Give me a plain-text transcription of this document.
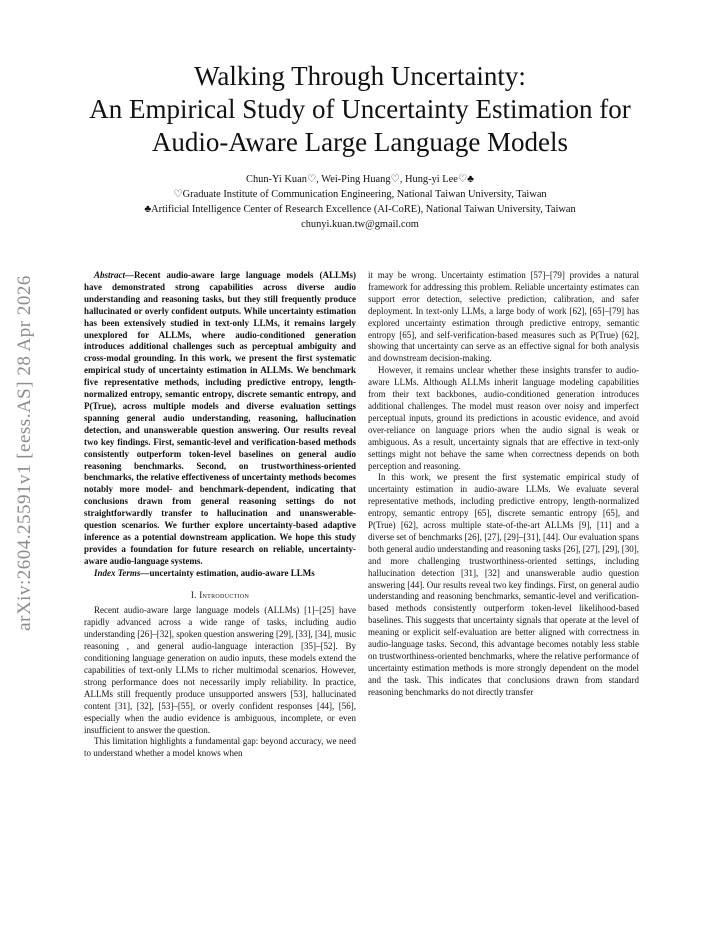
Walking Through Uncertainty:
An Empirical Study of Uncertainty Estimation for
Audio-Aware Large Language Models
Chun-Yi Kuan♡, Wei-Ping Huang♡, Hung-yi Lee♡♣
♡Graduate Institute of Communication Engineering, National Taiwan University, Taiwan
♣Artificial Intelligence Center of Research Excellence (AI-CoRE), National Taiwan University, Taiwan
chunyi.kuan.tw@gmail.com
arXiv:2604.25591v1 [eess.AS] 28 Apr 2026

Abstract—Recent audio-aware large language models (ALLMs) have demonstrated strong capabilities across diverse audio understanding and reasoning tasks, but they still frequently produce hallucinated or overly confident outputs. While uncertainty estimation has been extensively studied in text-only LLMs, it remains largely unexplored for ALLMs, where audio-conditioned generation introduces additional challenges such as perceptual ambiguity and cross-modal grounding. In this work, we present the first systematic empirical study of uncertainty estimation in ALLMs. We benchmark five representative methods, including predictive entropy, length-normalized entropy, semantic entropy, discrete semantic entropy, and P(True), across multiple models and diverse evaluation settings spanning general audio understanding, reasoning, hallucination detection, and unanswerable question answering. Our results reveal two key findings. First, semantic-level and verification-based methods consistently outperform token-level baselines on general audio reasoning benchmarks. Second, on trustworthiness-oriented benchmarks, the relative effectiveness of uncertainty methods becomes notably more model- and benchmark-dependent, indicating that conclusions drawn from general reasoning settings do not straightforwardly transfer to hallucination and unanswerable-question scenarios. We further explore uncertainty-based adaptive inference as a potential downstream application. We hope this study provides a foundation for future research on reliable, uncertainty-aware audio-language systems.

Index Terms—uncertainty estimation, audio-aware LLMs

I. Introduction

Recent audio-aware large language models (ALLMs) [1]–[25] have rapidly advanced across a wide range of tasks, including audio understanding [26]–[32], spoken question answering [29], [33], [34], music reasoning , and general audio-language interaction [35]–[52]. By conditioning language generation on audio inputs, these models extend the capabilities of text-only LLMs to richer multimodal scenarios. However, strong performance does not necessarily imply reliability. In practice, ALLMs still frequently produce unsupported answers [53], hallucinated content [31], [32], [53]–[55], or overly confident responses [44], [56], especially when the audio evidence is ambiguous, incomplete, or even insufficient to answer the question.

This limitation highlights a fundamental gap: beyond accuracy, we need to understand whether a model knows when

it may be wrong. Uncertainty estimation [57]–[79] provides a natural framework for addressing this problem. Reliable uncertainty estimates can support error detection, selective prediction, calibration, and safer deployment. In text-only LLMs, a large body of work [62], [65]–[79] has explored uncertainty estimation through predictive entropy, semantic entropy [65], and self-verification-based measures such as P(True) [62], showing that uncertainty can serve as an effective signal for both analysis and downstream decision-making.

However, it remains unclear whether these insights transfer to audio-aware LLMs. Although ALLMs inherit language modeling capabilities from their text backbones, audio-conditioned generation introduces additional challenges. The model must reason over noisy and imperfect perceptual inputs, ground its predictions in acoustic evidence, and avoid over-reliance on language priors when the audio signal is weak or ambiguous. As a result, uncertainty signals that are effective in text-only settings might not behave the same when correctness depends on both perception and reasoning.

In this work, we present the first systematic empirical study of uncertainty estimation in audio-aware LLMs. We evaluate several representative methods, including predictive entropy, length-normalized entropy, semantic entropy [65], discrete semantic entropy [65], and P(True) [62], across multiple state-of-the-art ALLMs [9], [11] and a diverse set of benchmarks [26], [27], [29]–[31], [44]. Our evaluation spans both general audio understanding and reasoning tasks [26], [27], [29], [30], and more challenging trustworthiness-oriented settings, including hallucination detection [31], [32] and unanswerable audio question answering [44]. Our results reveal two key findings. First, on general audio understanding and reasoning benchmarks, semantic-level and verification-based methods consistently outperform token-level likelihood-based baselines. This suggests that uncertainty signals that operate at the level of meaning or explicit self-evaluation are better aligned with correctness in audio-language tasks. Second, this advantage becomes notably less stable on trustworthiness-oriented benchmarks, where the relative performance of uncertainty estimation methods is more strongly dependent on the model and the task. This indicates that conclusions drawn from standard reasoning benchmarks do not directly transfer
